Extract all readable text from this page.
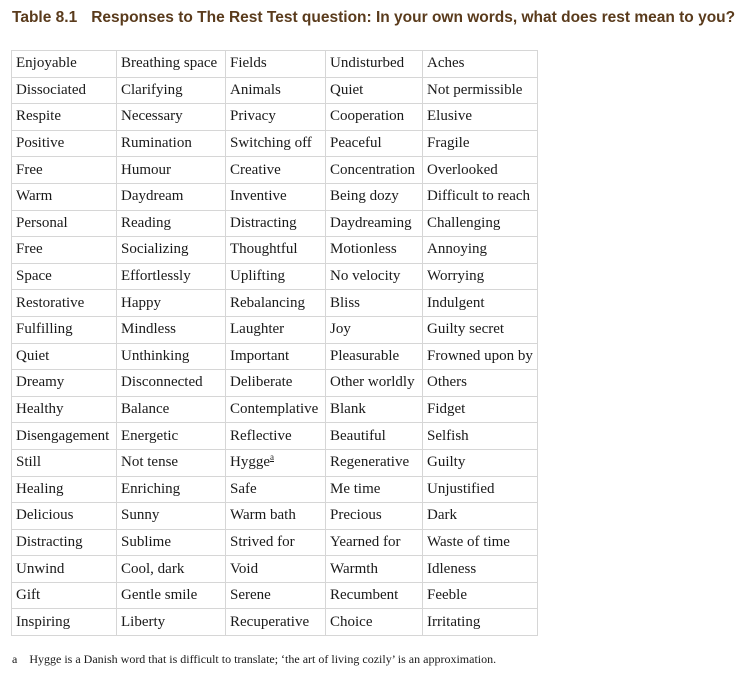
Table 8.1 Responses to The Rest Test question: In your own words, what does rest mean to you?
Enjoyable	Breathing space	Fields	Undisturbed	Aches
Dissociated	Clarifying	Animals	Quiet	Not permissible
Respite	Necessary	Privacy	Cooperation	Elusive
Positive	Rumination	Switching off	Peaceful	Fragile
Free	Humour	Creative	Concentration	Overlooked
Warm	Daydream	Inventive	Being dozy	Difficult to reach
Personal	Reading	Distracting	Daydreaming	Challenging
Free	Socializing	Thoughtful	Motionless	Annoying
Space	Effortlessly	Uplifting	No velocity	Worrying
Restorative	Happy	Rebalancing	Bliss	Indulgent
Fulfilling	Mindless	Laughter	Joy	Guilty secret
Quiet	Unthinking	Important	Pleasurable	Frowned upon by
Dreamy	Disconnected	Deliberate	Other worldly	Others
Healthy	Balance	Contemplative	Blank	Fidget
Disengagement	Energetic	Reflective	Beautiful	Selfish
Still	Not tense	Hygge$^a$	Regenerative	Guilty
Healing	Enriching	Safe	Me time	Unjustified
Delicious	Sunny	Warm bath	Precious	Dark
Distracting	Sublime	Strived for	Yearned for	Waste of time
Unwind	Cool, dark	Void	Warmth	Idleness
Gift	Gentle smile	Serene	Recumbent	Feeble
Inspiring	Liberty	Recuperative	Choice	Irritating
a Hygge is a Danish word that is difficult to translate; ‘the art of living cozily’ is an approximation.
